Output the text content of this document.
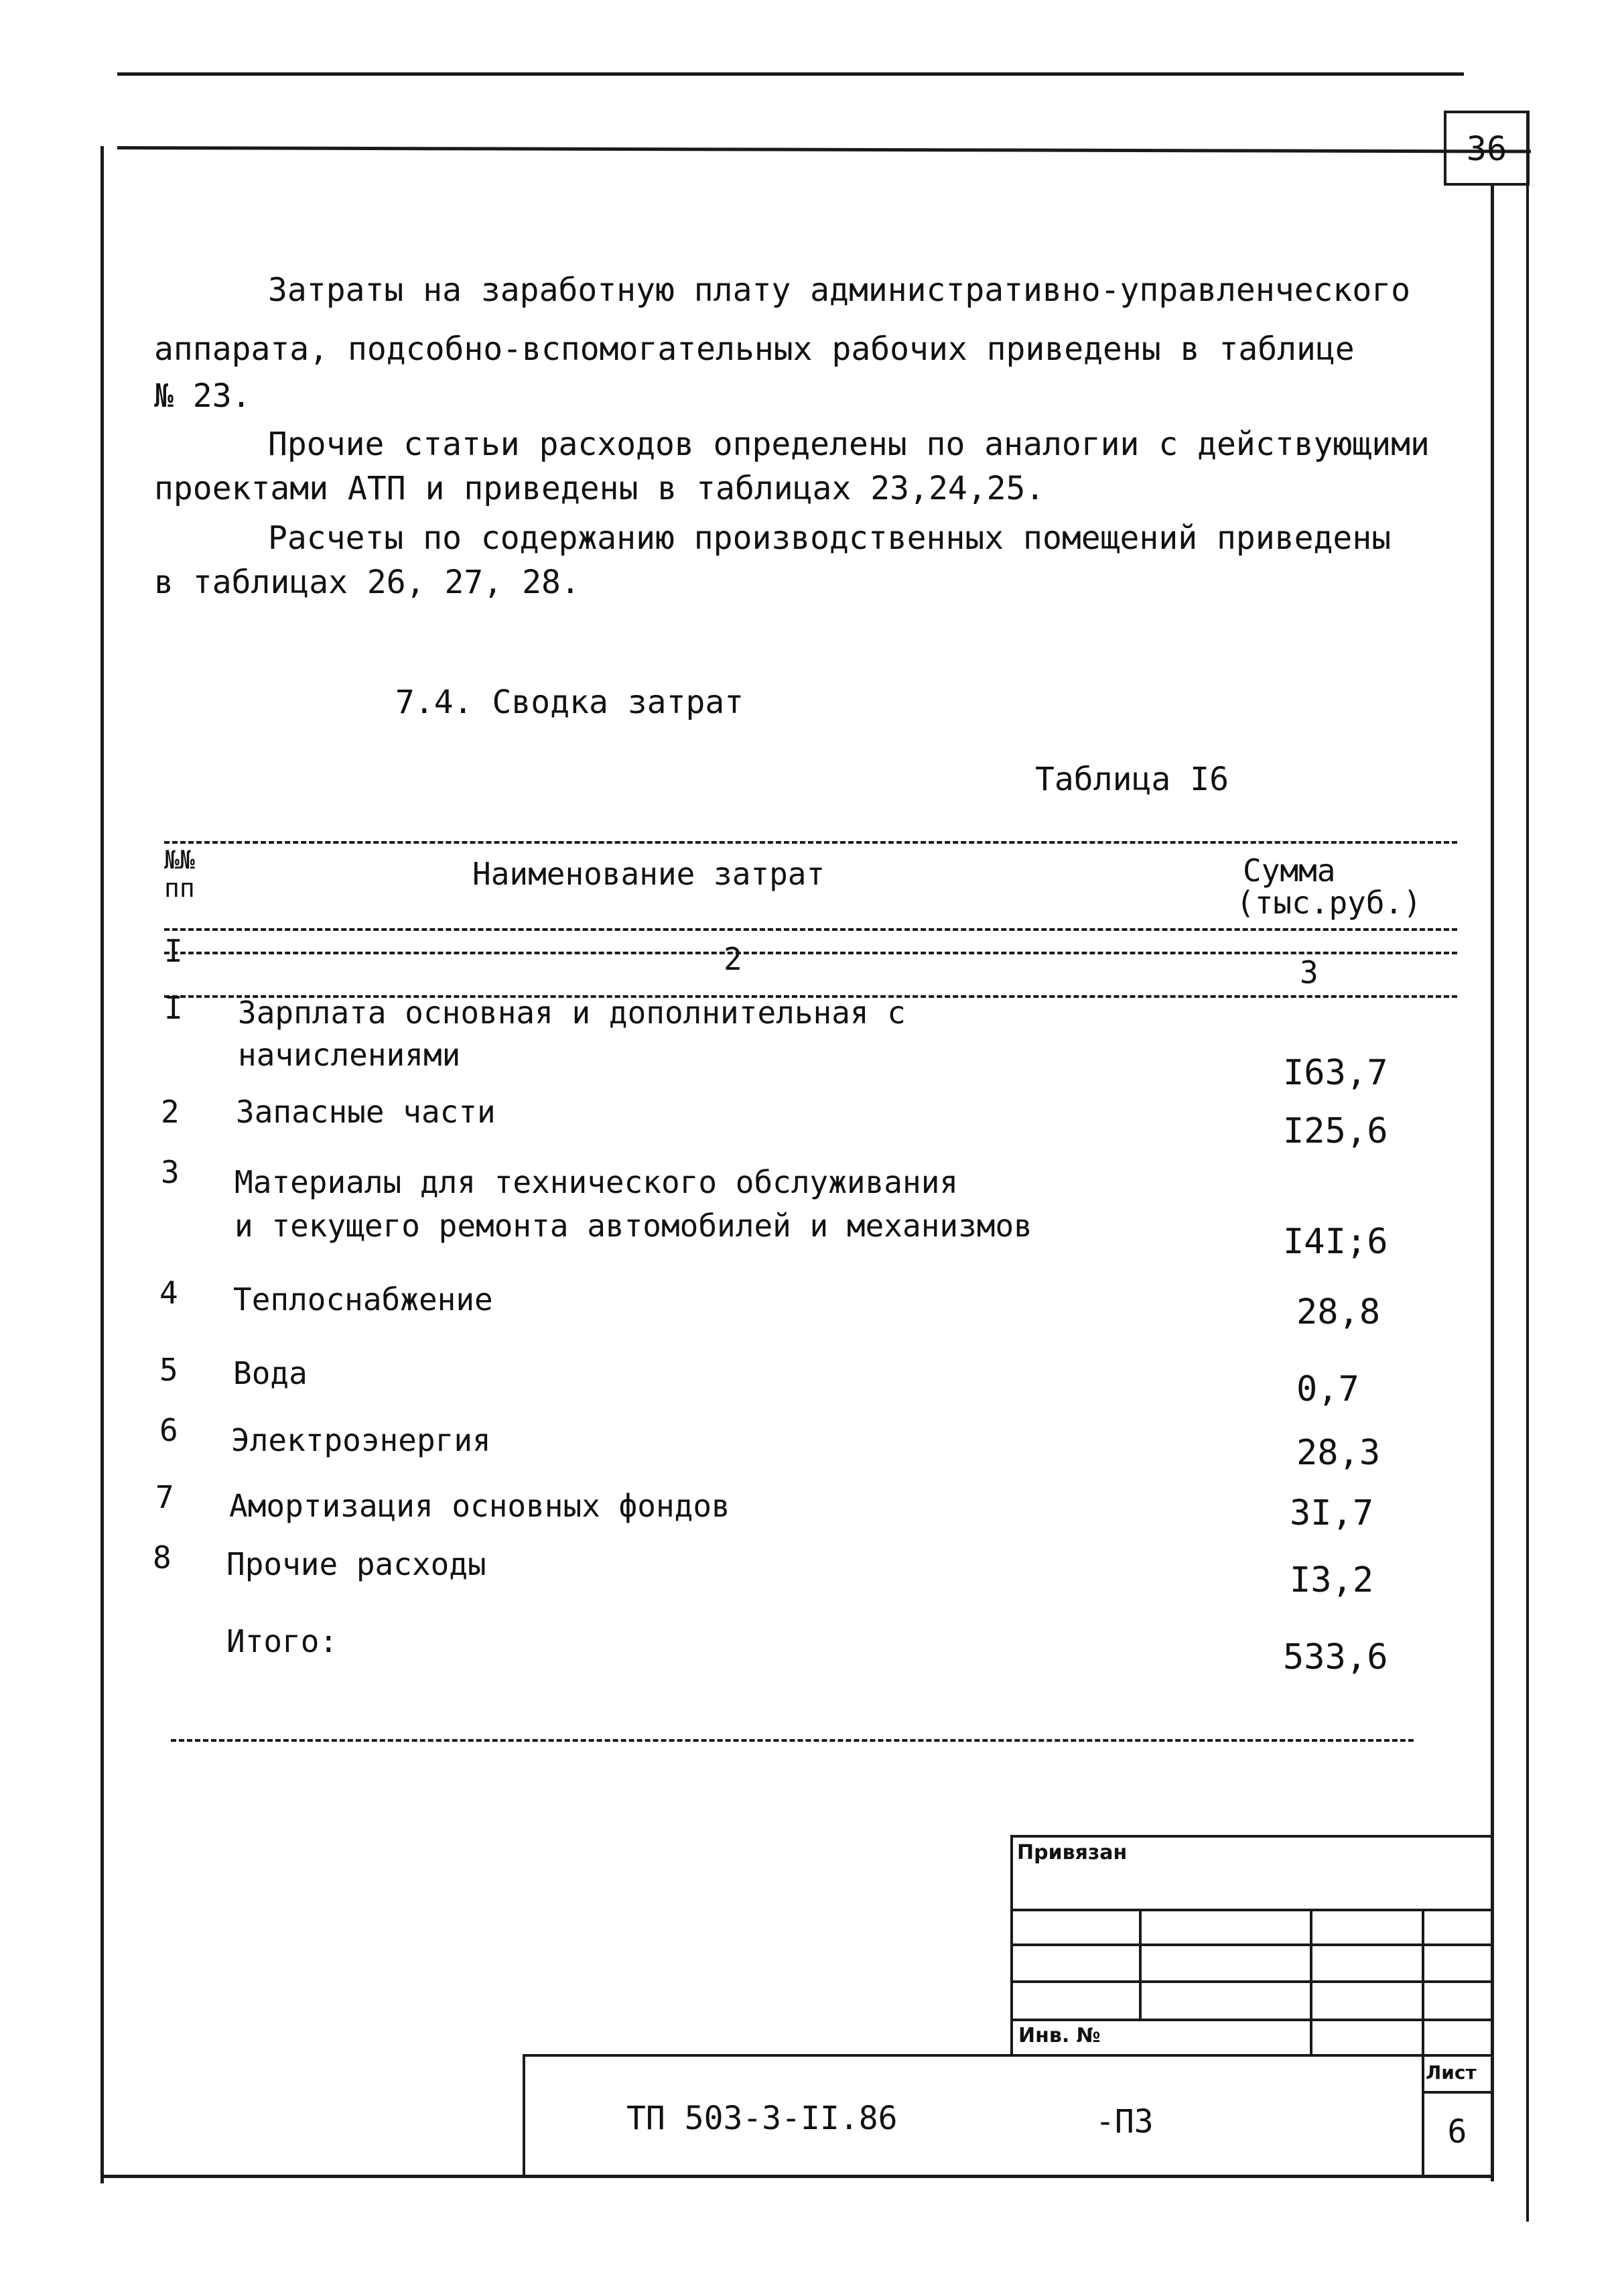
36
Затраты на заработную плату административно-управленческого
аппарата, подсобно-вспомогательных рабочих приведены в таблице
№ 23.
Прочие статьи расходов определены по аналогии с действующими
проектами АТП и приведены в таблицах 23,24,25.
Расчеты по содержанию производственных помещений приведены
в таблицах 26, 27, 28.
7.4. Сводка затрат
Таблица I6
№№ пп	Наименование затрат	Сумма
(тыс.руб.)
I	2	3
I Зарплата основная и дополнительная с
начислениями	I63,7
2 Запасные части	I25,6
3 Материалы для технического обслуживания
и текущего ремонта автомобилей и механизмов	I4I;6
4 Теплоснабжение	28,8
5 Вода	0,7
6 Электроэнергия	28,3
7 Амортизация основных фондов	3I,7
8 Прочие расходы	I3,2
Итого:	533,6
Привязан
Инв. №
ТП 503-3-II.86	-ПЗ
Лист
6
